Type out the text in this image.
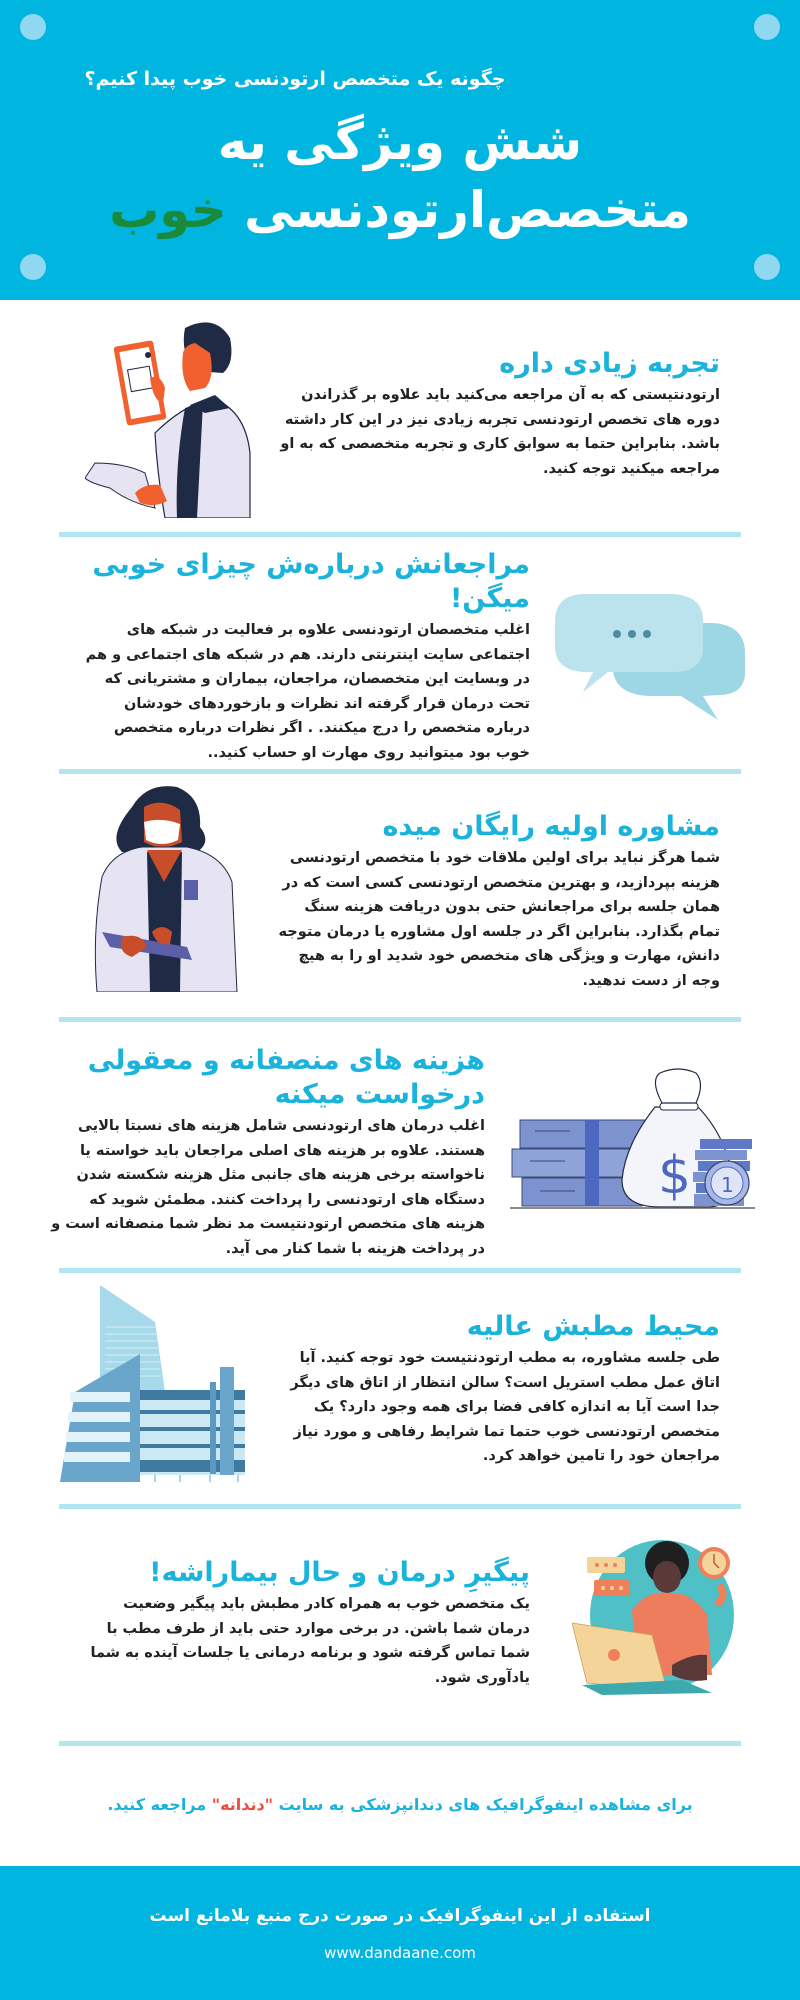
چگونه یک متخصص ارتودنسی خوب پیدا کنیم؟
شش ویژگی یه
متخصص‌ارتودنسی خوب
تجربه زیادی داره
ارتودنتیستی که به آن مراجعه می‌کنید باید علاوه بر گذراندن دوره های تخصص ارتودنسی تجربه زیادی نیز در این کار داشته باشد. بنابراین حتما به سوابق کاری و تجربه متخصصی که به او مراجعه میکنید توجه کنید.
مراجعانش درباره‌ش چیزای خوبی میگن!
اغلب متخصصان ارتودنسی علاوه بر فعالیت در شبکه های اجتماعی سایت اینترنتی دارند. هم در شبکه های اجتماعی و هم در وبسایت این متخصصان، مراجعان، بیماران و مشتریانی که تحت درمان قرار گرفته اند نظرات و بازخوردهای خودشان درباره متخصص را درج میکنند. . اگر نظرات درباره متخصص خوب بود میتوانید روی مهارت او حساب کنید..
مشاوره اولیه رایگان میده
شما هرگز نباید برای اولین ملاقات خود با متخصص ارتودنسی هزینه بپردازید، و بهترین متخصص ارتودنسی کسی است که در همان جلسه برای مراجعانش حتی بدون دریافت هزینه سنگ تمام بگذارد. بنابراین اگر در جلسه اول مشاوره یا درمان متوجه دانش، مهارت و ویژگی های متخصص خود شدید او را به هیچ وجه از دست ندهید.
هزینه های منصفانه و معقولی درخواست میکنه
اغلب درمان های ارتودنسی شامل هزینه های نسبتا بالایی هستند. علاوه بر هزینه های اصلی مراجعان باید خواسته یا ناخواسته برخی هزینه های جانبی مثل هزینه شکسته شدن دستگاه های ارتودنسی را پرداخت کنند. مطمئن شوید که هزینه های متخصص ارتودنتیست مد نظر شما منصفانه است و در پرداخت هزینه با شما کنار می آید.
$ 1
محیط مطبش عالیه
طی جلسه مشاوره، به مطب ارتودنتیست خود توجه کنید. آیا اتاق عمل مطب استریل است؟ سالن انتظار از اتاق های دیگر جدا است آیا به اندازه کافی فضا برای همه وجود دارد؟ یک متخصص ارتودنسی خوب حتما تما شرایط رفاهی و مورد نیاز مراجعان خود را تامین خواهد کرد.
پیگیرِ درمان و حال بیماراشه!
یک متخصص خوب به همراه کادر مطبش باید پیگیر وضعیت درمان شما باشن. در برخی موارد حتی باید از طرف مطب با شما تماس گرفته شود و برنامه درمانی یا جلسات آینده به شما یادآوری شود.
برای مشاهده اینفوگرافیک های دندانپزشکی به سایت "دندانه" مراجعه کنید.
استفاده از این اینفوگرافیک در صورت درج منبع بلامانع است
www.dandaane.com
